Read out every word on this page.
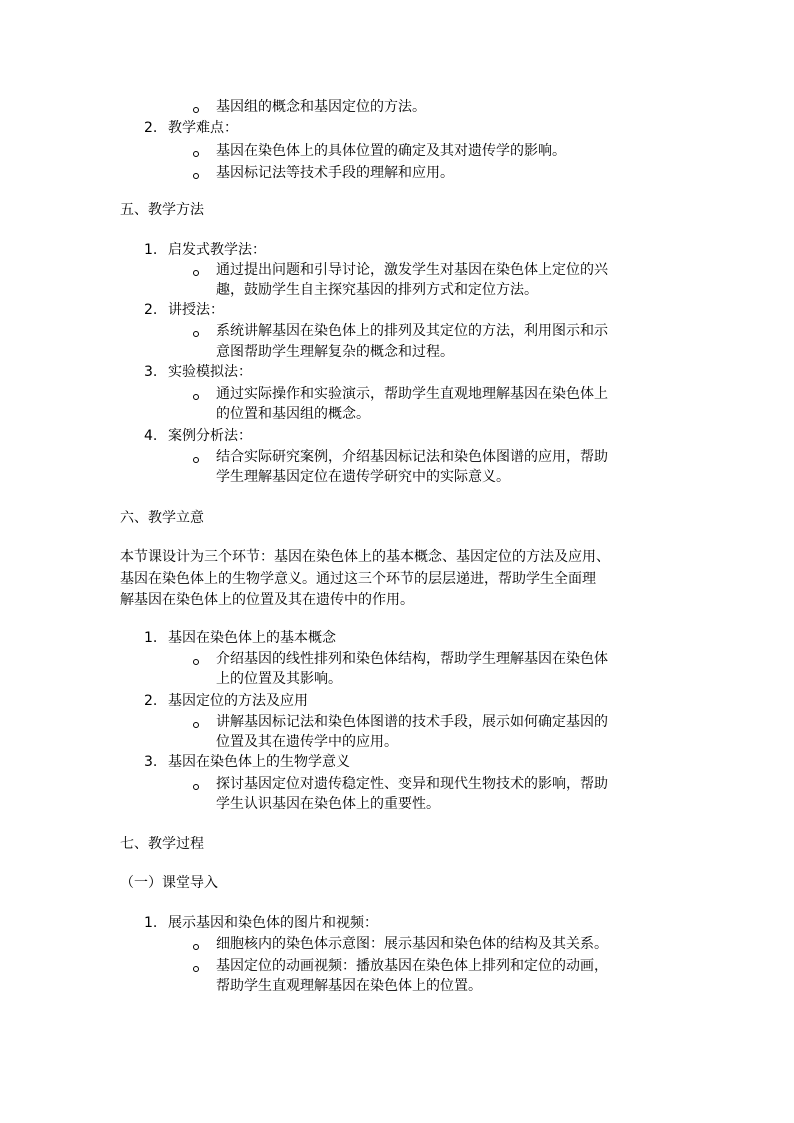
基因组的概念和基因定位的方法。
2. 教学难点：
基因在染色体上的具体位置的确定及其对遗传学的影响。
基因标记法等技术手段的理解和应用。
五、教学方法
1. 启发式教学法：
通过提出问题和引导讨论，激发学生对基因在染色体上定位的兴
趣，鼓励学生自主探究基因的排列方式和定位方法。
2. 讲授法：
系统讲解基因在染色体上的排列及其定位的方法，利用图示和示
意图帮助学生理解复杂的概念和过程。
3. 实验模拟法：
通过实际操作和实验演示，帮助学生直观地理解基因在染色体上
的位置和基因组的概念。
4. 案例分析法：
结合实际研究案例，介绍基因标记法和染色体图谱的应用，帮助
学生理解基因定位在遗传学研究中的实际意义。
六、教学立意
本节课设计为三个环节：基因在染色体上的基本概念、基因定位的方法及应用、
基因在染色体上的生物学意义。通过这三个环节的层层递进，帮助学生全面理
解基因在染色体上的位置及其在遗传中的作用。
1. 基因在染色体上的基本概念
介绍基因的线性排列和染色体结构，帮助学生理解基因在染色体
上的位置及其影响。
2. 基因定位的方法及应用
讲解基因标记法和染色体图谱的技术手段，展示如何确定基因的
位置及其在遗传学中的应用。
3. 基因在染色体上的生物学意义
探讨基因定位对遗传稳定性、变异和现代生物技术的影响，帮助
学生认识基因在染色体上的重要性。
七、教学过程
（一）课堂导入
1. 展示基因和染色体的图片和视频：
细胞核内的染色体示意图：展示基因和染色体的结构及其关系。
基因定位的动画视频：播放基因在染色体上排列和定位的动画，
帮助学生直观理解基因在染色体上的位置。
